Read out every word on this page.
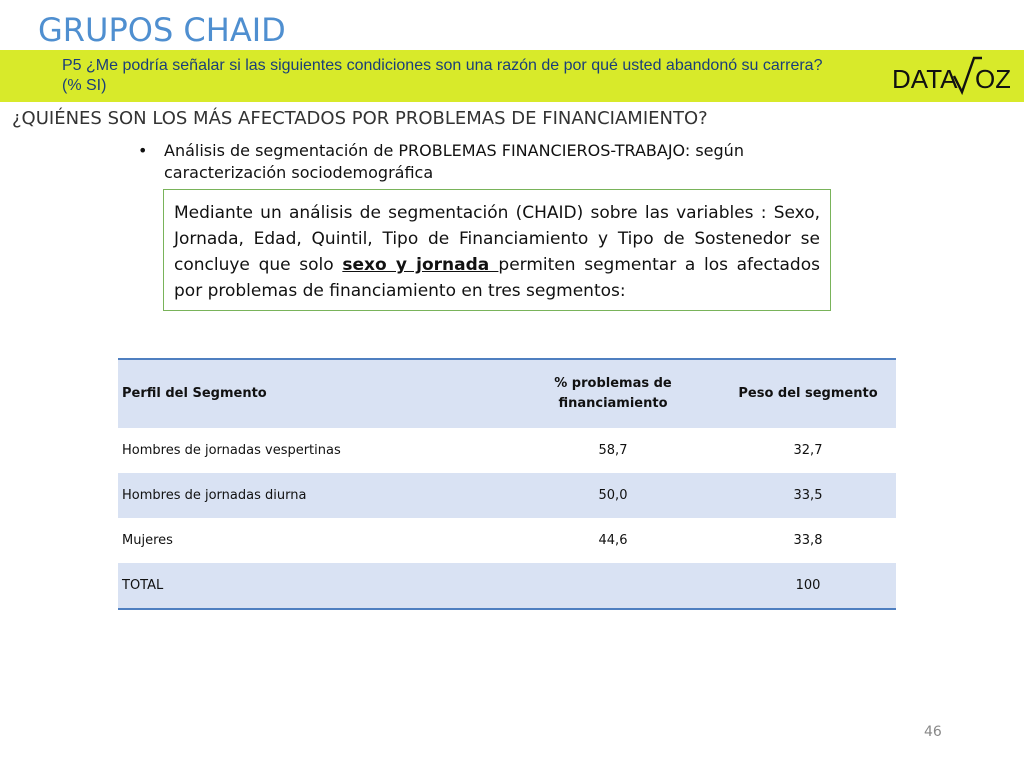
GRUPOS CHAID
P5 ¿Me podría señalar si las siguientes condiciones son una razón de por qué usted abandonó su carrera?
(% SI)	DATA OZ
¿QUIÉNES SON LOS MÁS AFECTADOS POR PROBLEMAS DE FINANCIAMIENTO?
• Análisis de segmentación de PROBLEMAS FINANCIEROS-TRABAJO: según caracterización sociodemográfica
Mediante un análisis de segmentación (CHAID) sobre las variables : Sexo, Jornada, Edad, Quintil, Tipo de Financiamiento y Tipo de Sostenedor se concluye que solo sexo y jornada permiten segmentar a los afectados por problemas de financiamiento en tres segmentos:
Perfil del Segmento	% problemas de financiamiento	Peso del segmento
Hombres de jornadas vespertinas	58,7	32,7
Hombres de jornadas diurna	50,0	33,5
Mujeres	44,6	33,8
TOTAL		100
46
